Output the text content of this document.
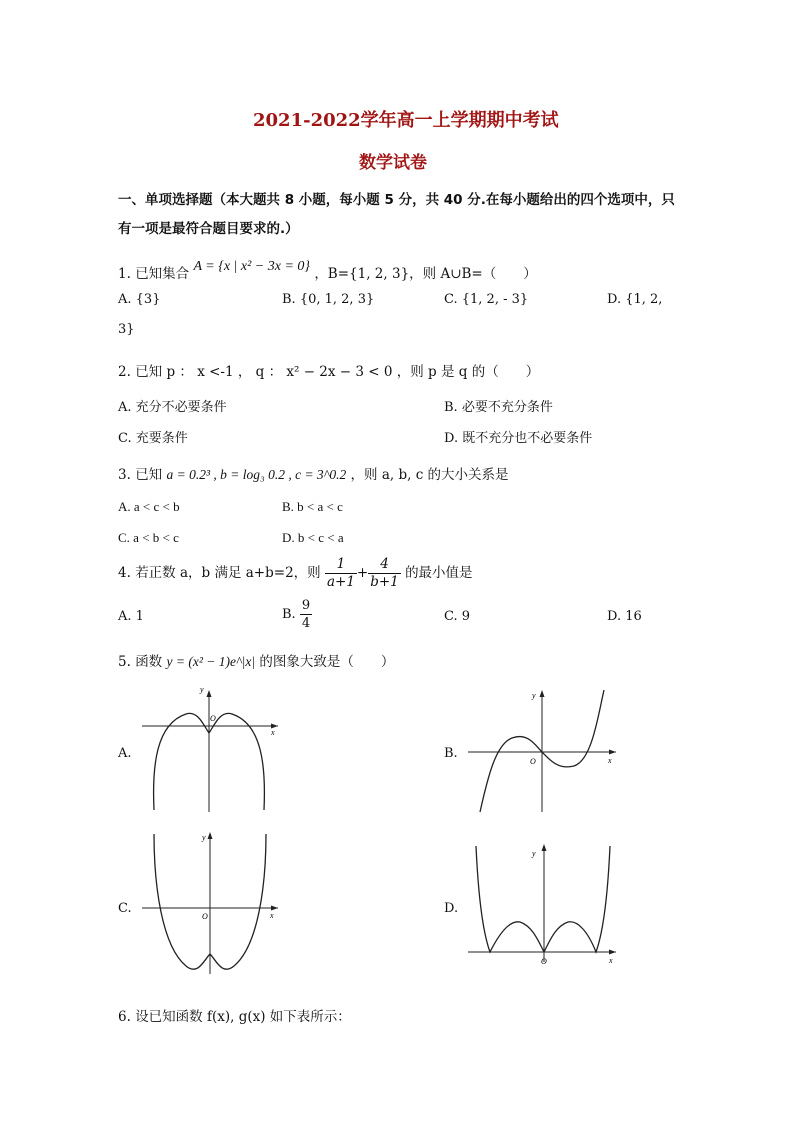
2021-2022学年高一上学期期中考试
数学试卷
一、单项选择题（本大题共 8 小题，每小题 5 分，共 40 分.在每小题给出的四个选项中，只
有一项是最符合题目要求的.）
1. 已知集合 A = {x | x² − 3x = 0} ，B={1, 2, 3}，则 A∪B=（　　）
A. {3}	B. {0, 1, 2, 3}	C. {1, 2, - 3}	D. {1, 2,
3}
2. 已知 p ： x <-1 ， q ： x² − 2x − 3 < 0 ，则 p 是 q 的（　　）
A. 充分不必要条件	B. 必要不充分条件
C. 充要条件	D. 既不充分也不必要条件
3. 已知 a = 0.2³ , b = log₃ 0.2 , c = 3^0.2 ，则 a, b, c 的大小关系是
A. a < c < b	B. b < a < c
C. a < b < c	D. b < c < a
4. 若正数 a，b 满足 a+b=2，则 $\frac{1}{a+1} + \frac{4}{b+1}$ 的最小值是
A. 1	B. $\frac{9}{4}$	C. 9	D. 16
5. 函数 y = (x² − 1)e^|x| 的图象大致是（　　）
A.
y
O
x
B.
y
O	x
C.
y
O	x	D.
y
O	x
6. 设已知函数 f(x), g(x) 如下表所示：
